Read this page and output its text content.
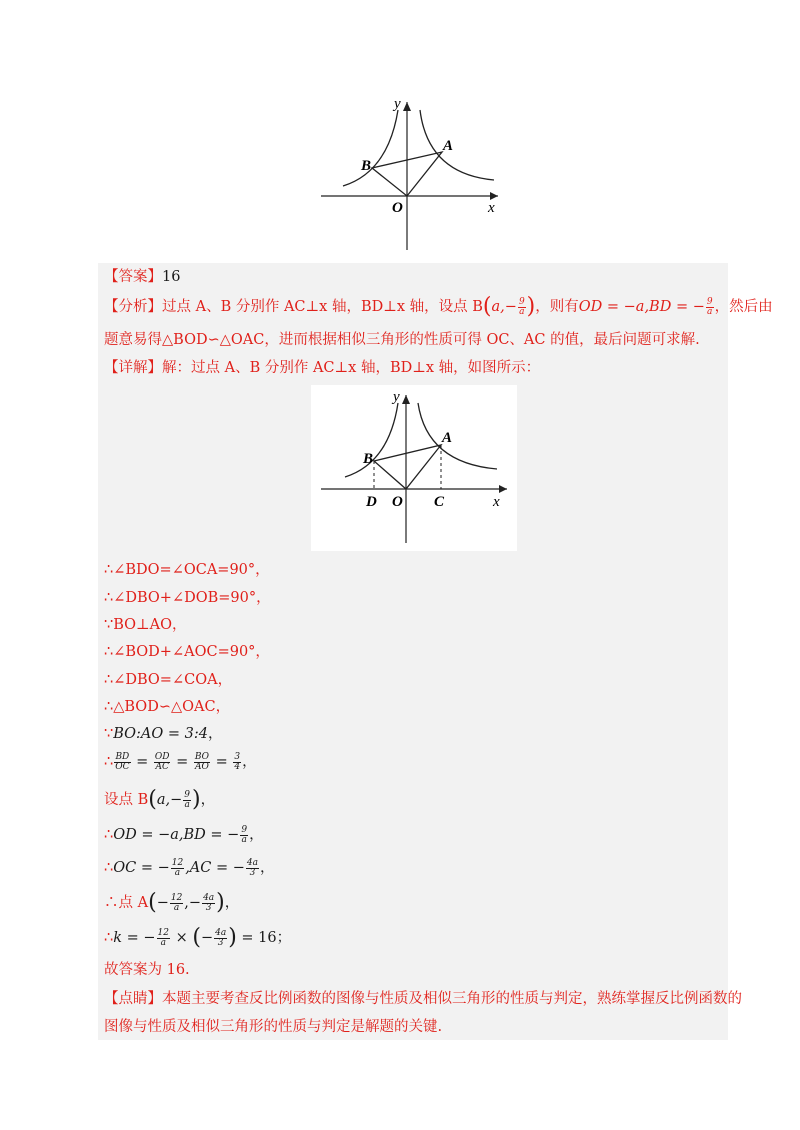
y
x
O
A
B
【答案】16
【分析】过点 A、B 分别作 AC⊥x 轴，BD⊥x 轴，设点 $B(a,- \frac{9}{a}$ )，则有OD = −a,BD = − $\frac{9}{a}$ ，然后由
题意易得△BOD∽△OAC，进而根据相似三角形的性质可得 OC、AC 的值，最后问题可求解.
【详解】解：过点 A、B 分别作 AC⊥x 轴，BD⊥x 轴，如图所示：
y
x
O
A
B
C
D
∴∠BDO=∠OCA=90°，
∴∠DBO+∠DOB=90°，
∵BO⊥AO，
∴∠BOD+∠AOC=90°，
∴∠DBO=∠COA，
∴△BOD∽△OAC，
∵BO:AO = 3:4，
∴ $\frac{BD}{OC} = \frac{OD}{AC} = \frac{BO}{AO} = \frac{3}{4}$ ，
设点 $B(a,- \frac{9}{a}$ )，
∴OD = −a,BD = − $\frac{9}{a}$ ，
∴OC = − $\frac{12}{a} ,AC$ = − $\frac{4a}{3}$ ，
∴点 $A(- \frac{12}{a}$ ,− $\frac{4a}{3}$ )，
∴k = − $\frac{12}{a}$ × (− $\frac{4a}{3}$ ) = 16；
故答案为 16.
【点睛】本题主要考查反比例函数的图像与性质及相似三角形的性质与判定，熟练掌握反比例函数的
图像与性质及相似三角形的性质与判定是解题的关键.
